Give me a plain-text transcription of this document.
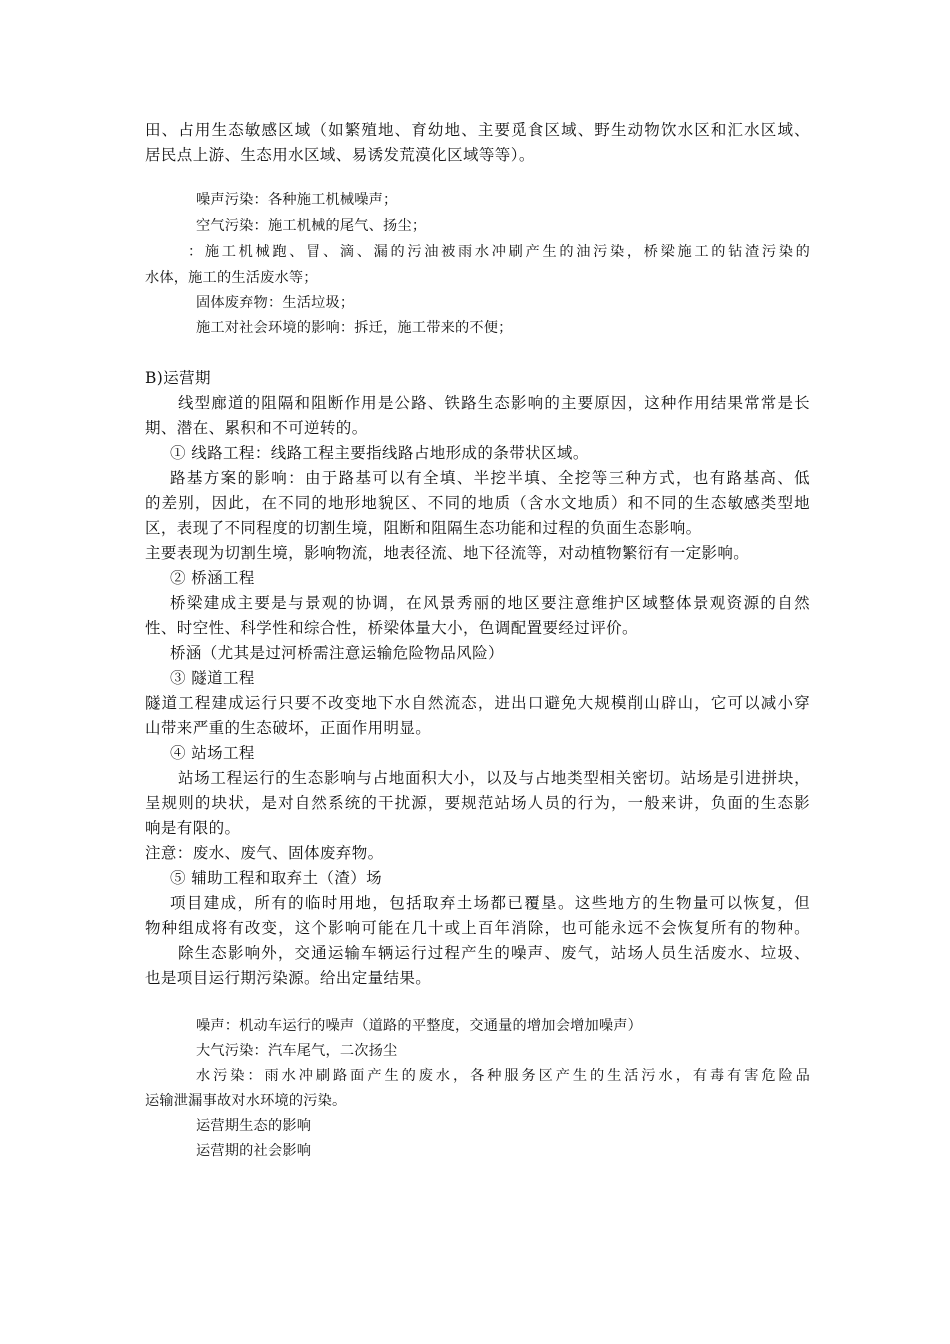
田、占用生态敏感区域（如繁殖地、育幼地、主要觅食区域、野生动物饮水区和汇水区域、
居民点上游、生态用水区域、易诱发荒漠化区域等等）。
噪声污染：各种施工机械噪声；
空气污染：施工机械的尾气、扬尘；
：施工机械跑、冒、滴、漏的污油被雨水冲刷产生的油污染，桥梁施工的钻渣污染的
水体，施工的生活废水等；
固体废弃物：生活垃圾；
施工对社会环境的影响：拆迁，施工带来的不便；
B)运营期
线型廊道的阻隔和阻断作用是公路、铁路生态影响的主要原因，这种作用结果常常是长
期、潜在、累积和不可逆转的。
① 线路工程：线路工程主要指线路占地形成的条带状区域。
路基方案的影响：由于路基可以有全填、半挖半填、全挖等三种方式，也有路基高、低
的差别，因此，在不同的地形地貌区、不同的地质（含水文地质）和不同的生态敏感类型地
区，表现了不同程度的切割生境，阻断和阻隔生态功能和过程的负面生态影响。
主要表现为切割生境，影响物流，地表径流、地下径流等，对动植物繁衍有一定影响。
② 桥涵工程
桥梁建成主要是与景观的协调，在风景秀丽的地区要注意维护区域整体景观资源的自然
性、时空性、科学性和综合性，桥梁体量大小，色调配置要经过评价。
桥涵（尤其是过河桥需注意运输危险物品风险）
③ 隧道工程
隧道工程建成运行只要不改变地下水自然流态，进出口避免大规模削山辟山，它可以减小穿
山带来严重的生态破坏，正面作用明显。
④ 站场工程
站场工程运行的生态影响与占地面积大小，以及与占地类型相关密切。站场是引进拼块，
呈规则的块状，是对自然系统的干扰源，要规范站场人员的行为，一般来讲，负面的生态影
响是有限的。
注意：废水、废气、固体废弃物。
⑤ 辅助工程和取弃土（渣）场
项目建成，所有的临时用地，包括取弃土场都已覆垦。这些地方的生物量可以恢复，但
物种组成将有改变，这个影响可能在几十或上百年消除，也可能永远不会恢复所有的物种。
除生态影响外，交通运输车辆运行过程产生的噪声、废气，站场人员生活废水、垃圾、
也是项目运行期污染源。给出定量结果。
噪声：机动车运行的噪声（道路的平整度，交通量的增加会增加噪声）
大气污染：汽车尾气，二次扬尘
水污染：雨水冲刷路面产生的废水，各种服务区产生的生活污水，有毒有害危险品
运输泄漏事故对水环境的污染。
运营期生态的影响
运营期的社会影响
